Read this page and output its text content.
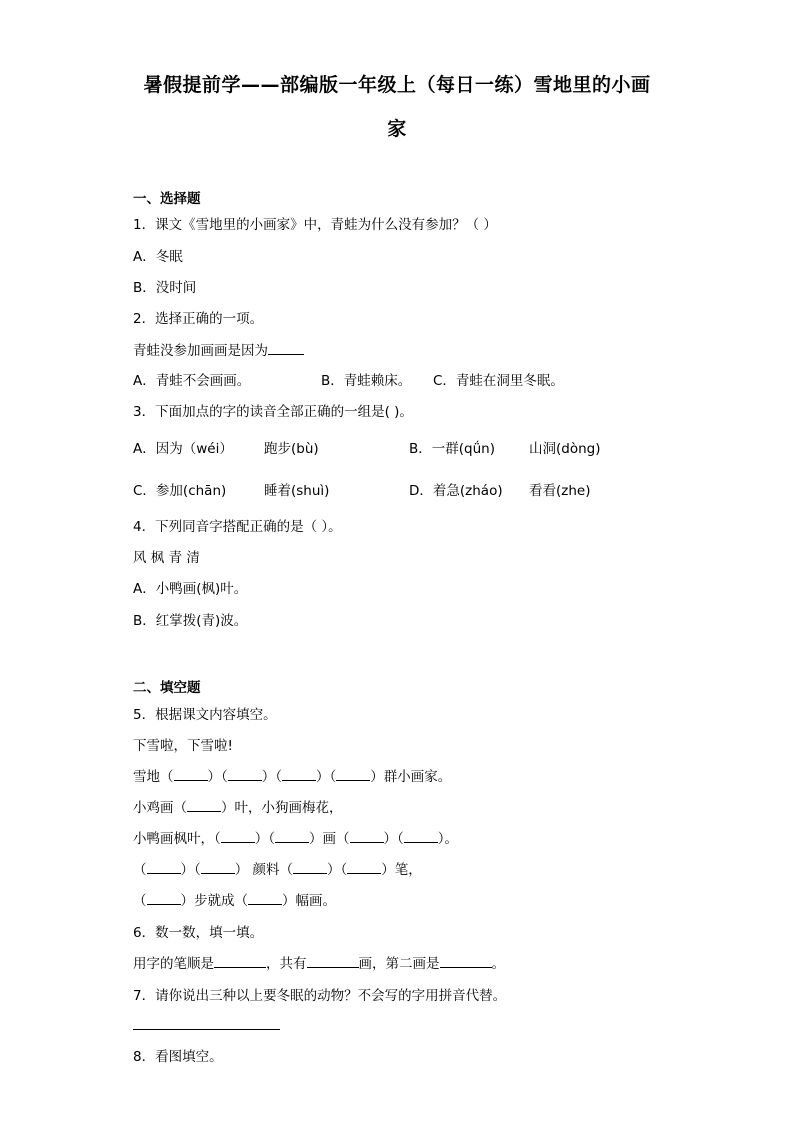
暑假提前学——部编版一年级上（每日一练）雪地里的小画
家
一、选择题
1．课文《雪地里的小画家》中，青蛙为什么没有参加？（ ）
A．冬眠
B．没时间
2．选择正确的一项。
青蛙没参加画画是因为
A．青蛙不会画画。	B．青蛙赖床。 C．青蛙在洞里冬眠。
3．下面加点的字的读音全部正确的一组是( )。
A．因为（wéi） 跑步(bù)	B．一群(qǘn)	山洞(dòng)
C．参加(chān)	睡着(shuì)	D．着急(zháo) 看看(zhe)
4．下列同音字搭配正确的是（ ）。
风 枫 青 清
A．小鸭画(枫)叶。
B．红掌拨(青)波。
二、填空题
5．根据课文内容填空。
下雪啦，下雪啦!
雪地（	）（	）（	）（	）群小画家。
小鸡画（	）叶，小狗画梅花，
小鸭画枫叶，（	）（	）画（	）（	）。
（	）（	） 颜料（	）（	）笔，
（	）步就成（	）幅画。
6．数一数，填一填。
用字的笔顺是	，共有	画，第二画是	。
7．请你说出三种以上要冬眠的动物？不会写的字用拼音代替。
8．看图填空。
